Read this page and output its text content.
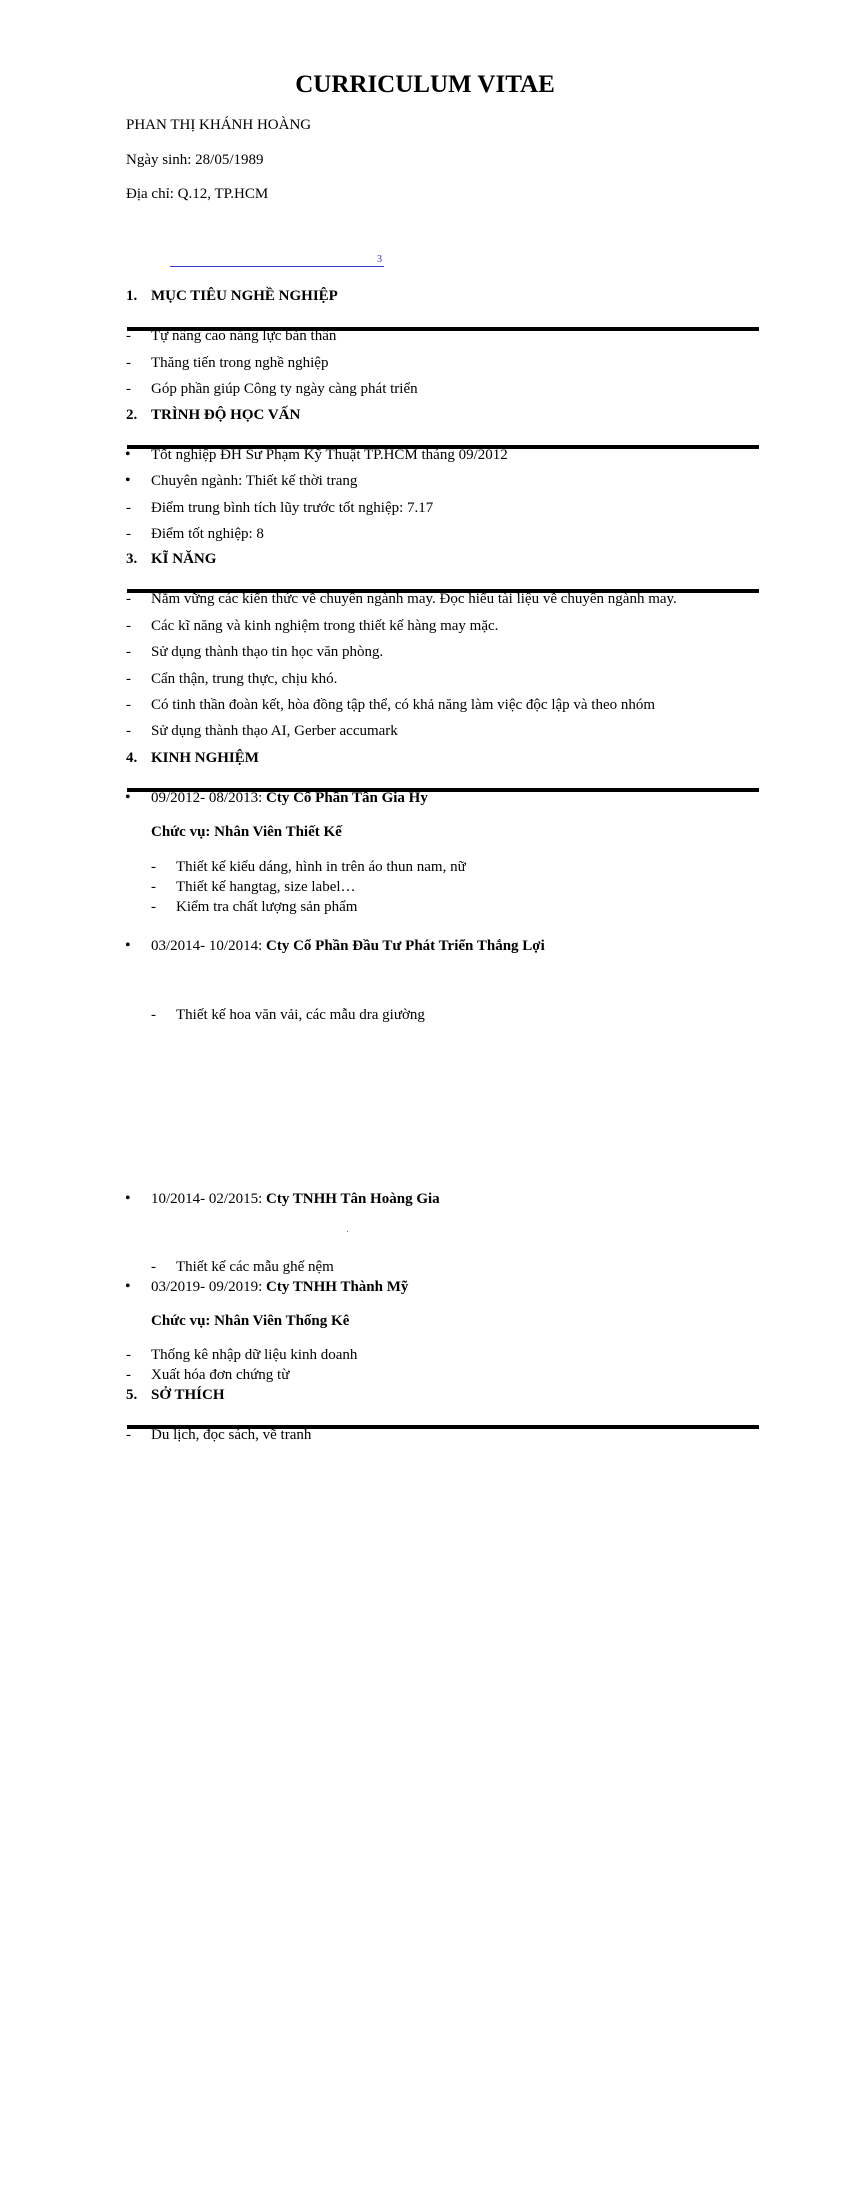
CURRICULUM VITAE
PHAN THỊ KHÁNH HOÀNG
Ngày sinh: 28/05/1989
Địa chỉ: Q.12, TP.HCM
3
1. MỤC TIÊU NGHỀ NGHIỆP
- Tự nâng cao năng lực bản thân
- Thăng tiến trong nghề nghiệp
- Góp phần giúp Công ty ngày càng phát triển
2. TRÌNH ĐỘ HỌC VẤN
• Tốt nghiệp ĐH Sư Phạm Kỹ Thuật TP.HCM tháng 09/2012
• Chuyên ngành: Thiết kế thời trang
- Điểm trung bình tích lũy trước tốt nghiệp: 7.17
- Điểm tốt nghiệp: 8
3. KĨ NĂNG
- Nắm vững các kiến thức về chuyên ngành may. Đọc hiểu tài liệu về chuyên ngành may.
- Các kĩ năng và kinh nghiệm trong thiết kế hàng may mặc.
- Sử dụng thành thạo tin học văn phòng.
- Cẩn thận, trung thực, chịu khó.
- Có tinh thần đoàn kết, hòa đồng tập thể, có khả năng làm việc độc lập và theo nhóm
- Sử dụng thành thạo AI, Gerber accumark
4. KINH NGHIỆM
• 09/2012- 08/2013: Cty Cổ Phần Tân Gia Hy
Chức vụ: Nhân Viên Thiết Kế
- Thiết kế kiểu dáng, hình in trên áo thun nam, nữ
- Thiết kế hangtag, size label…
- Kiểm tra chất lượng sản phẩm
• 03/2014- 10/2014: Cty Cổ Phần Đầu Tư Phát Triển Thắng Lợi
- Thiết kế hoa văn vải, các mẫu dra giường
• 10/2014- 02/2015: Cty TNHH Tân Hoàng Gia
- Thiết kế các mẫu ghế nệm
• 03/2019- 09/2019: Cty TNHH Thành Mỹ
Chức vụ: Nhân Viên Thống Kê
- Thống kê nhập dữ liệu kinh doanh
- Xuất hóa đơn chứng từ
5. SỞ THÍCH
- Du lịch, đọc sách, vẽ tranh
